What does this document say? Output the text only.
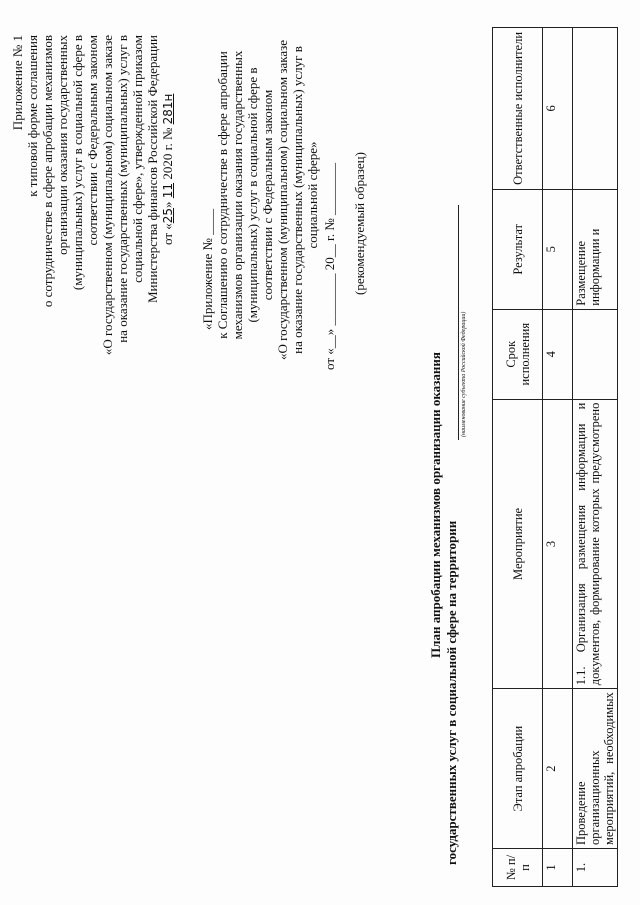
Приложение № 1 к типовой форме соглашения о сотрудничестве в сфере апробации механизмов организации оказания государственных (муниципальных) услуг в социальной сфере в соответствии с Федеральным законом «О государственном (муниципальном) социальном заказе на оказание государственных (муниципальных) услуг в социальной сфере», утвержденной приказом Министерства финансов Российской Федерации от «25» 11 2020 г. № 281н
«Приложение № ____ к Соглашению о сотрудничестве в сфере апробации механизмов организации оказания государственных (муниципальных) услуг в социальной сфере в соответствии с Федеральным законом «О государственном (муниципальном) социальном заказе на оказание государственных (муниципальных) услуг в социальной сфере» от «__» ________ 20__ г. № ________ (рекомендуемый образец)
План апробации механизмов организации оказания
государственных услуг в социальной сфере на территории
(наименование субъекта Российской Федерации)
№ п/п	Этап апробации	Мероприятие	Срок исполнения	Результат	Ответственные исполнители
1	2	3	4	5	6
1.	Проведение организационных мероприятий, необходимых	1.1. Организация размещения информации и документов, формирование которых предусмотрено		Размещение информации и	
